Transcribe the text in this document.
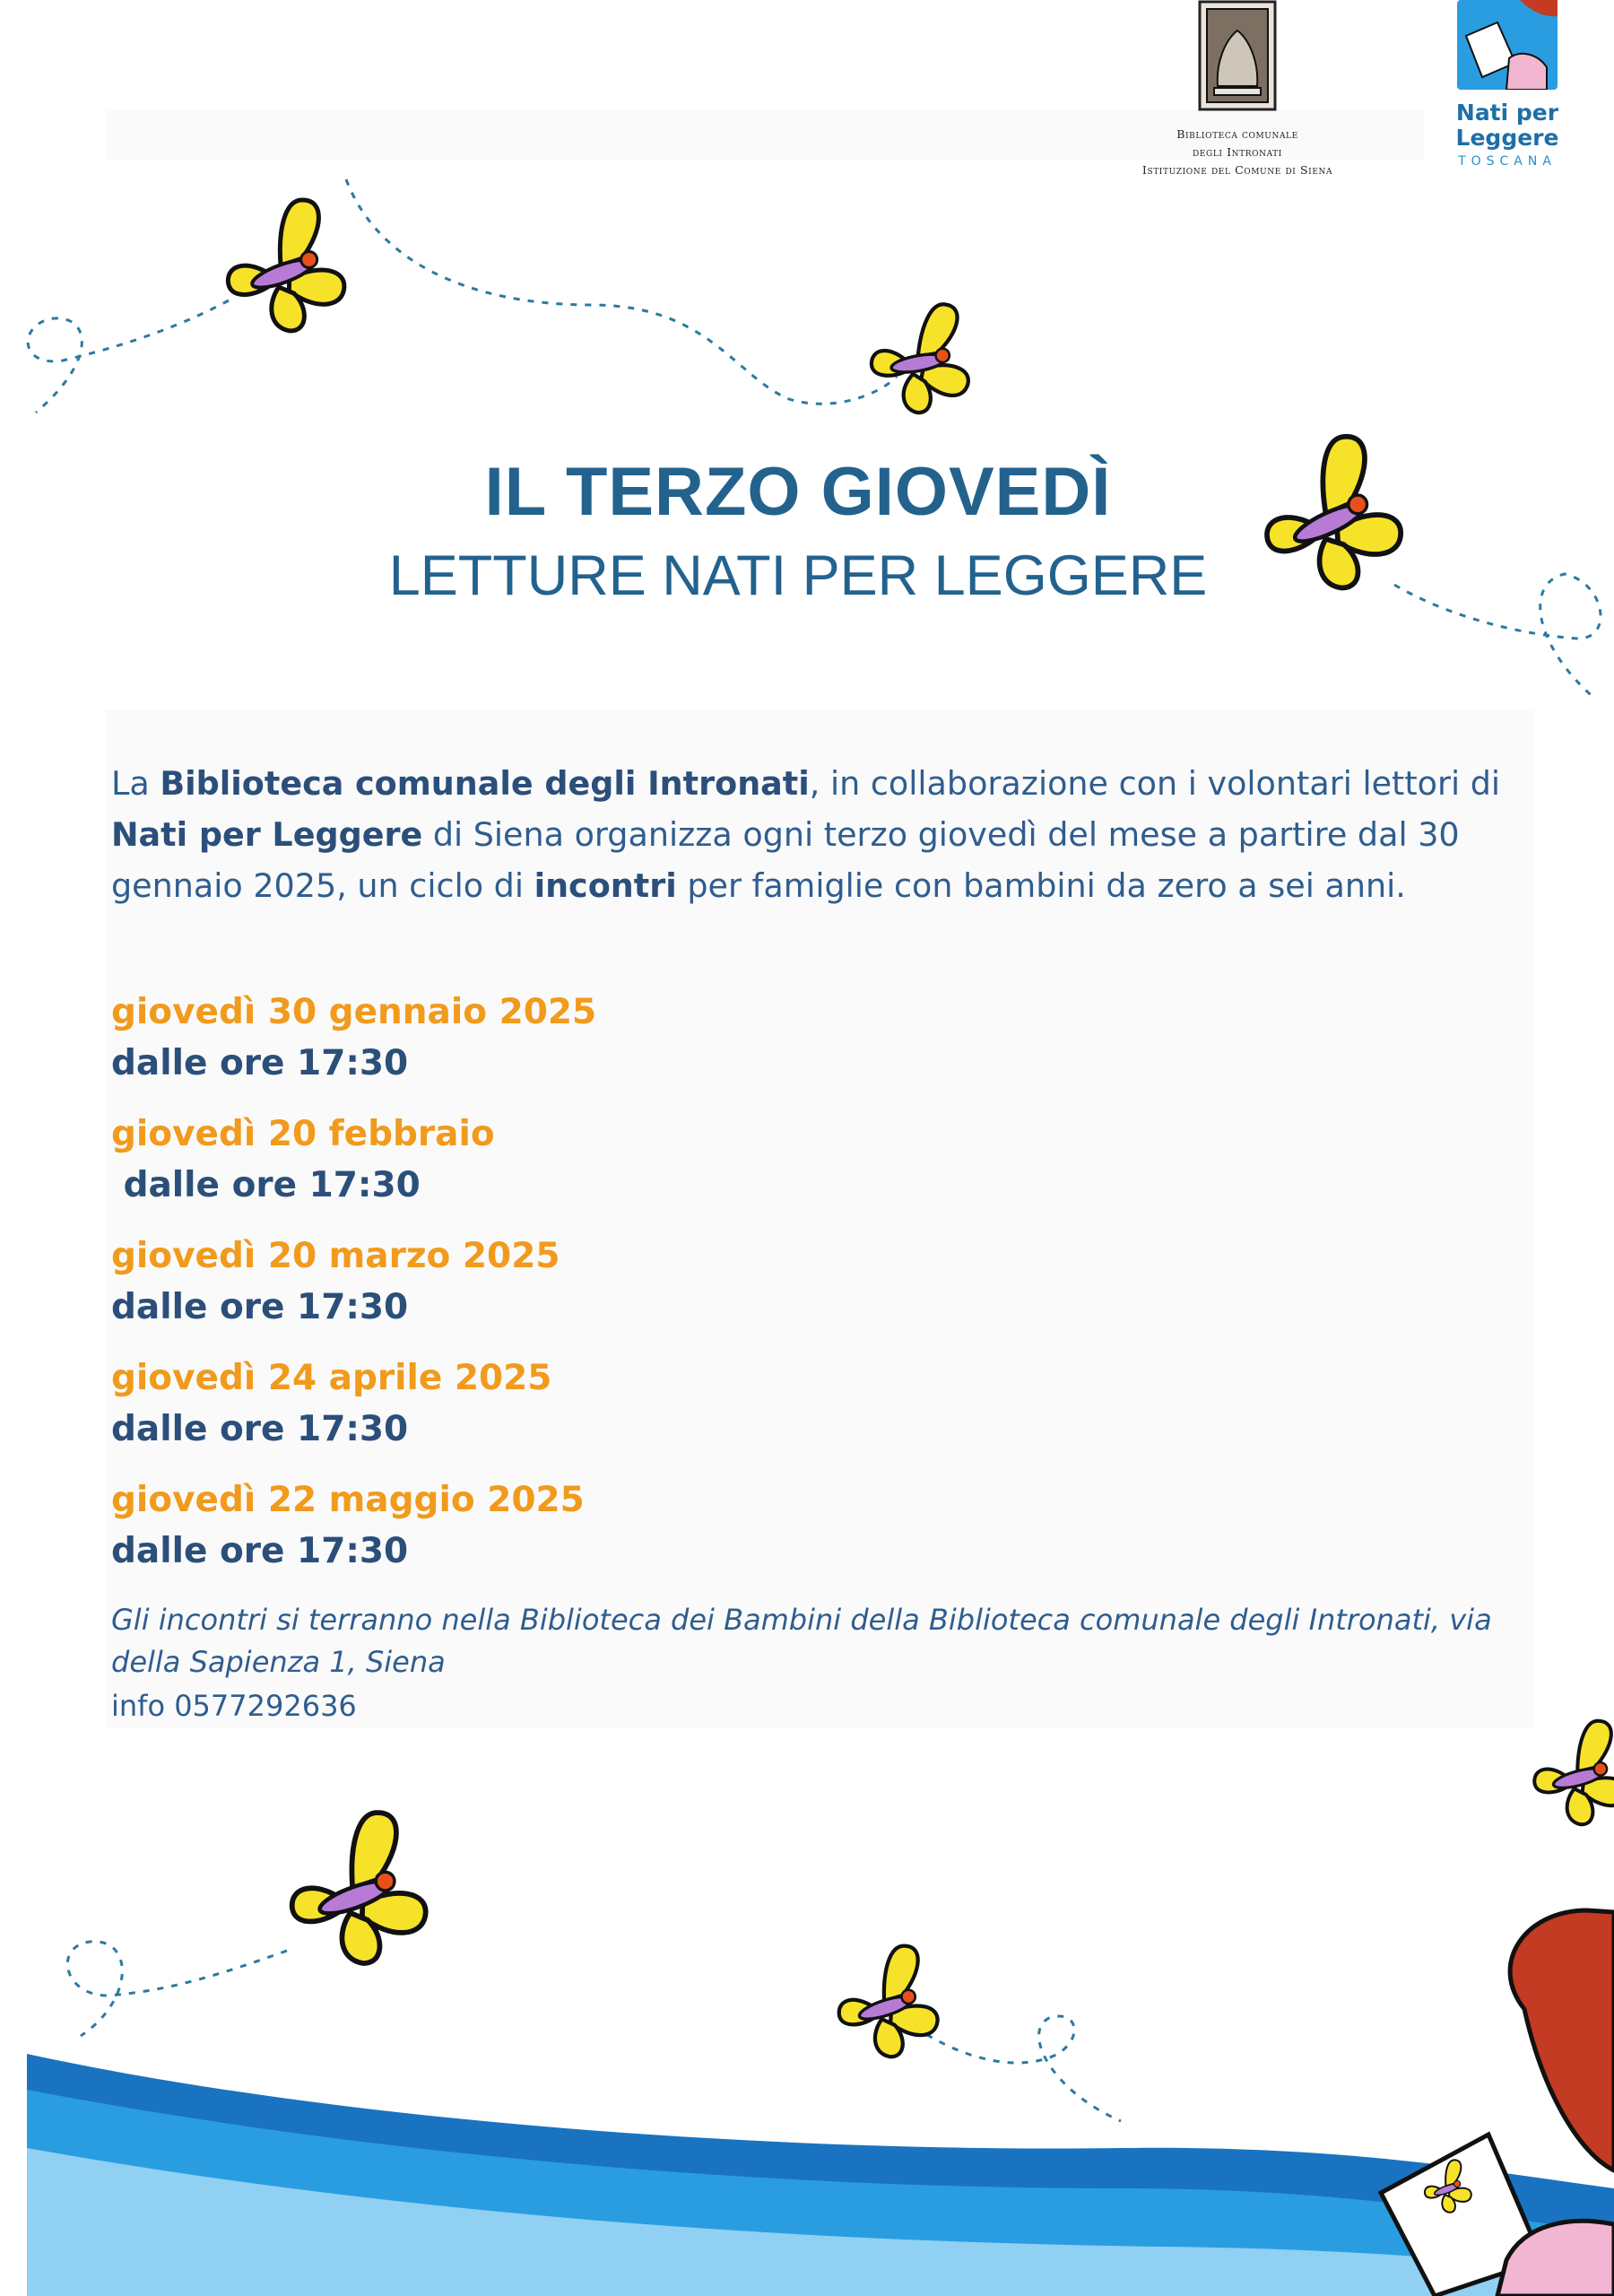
Biblioteca comunale
degli Intronati
Istituzione del Comune di Siena
Nati per
Leggere
TOSCANA
IL TERZO GIOVEDÌ
LETTURE NATI PER LEGGERE
La Biblioteca comunale degli Intronati, in collaborazione con i volontari lettori di Nati per Leggere di Siena organizza ogni terzo giovedì del mese a partire dal 30 gennaio 2025, un ciclo di incontri per famiglie con bambini da zero a sei anni.
giovedì 30 gennaio 2025
dalle ore 17:30
giovedì 20 febbraio
dalle ore 17:30
giovedì 20 marzo 2025
dalle ore 17:30
giovedì 24 aprile 2025
dalle ore 17:30
giovedì 22 maggio 2025
dalle ore 17:30
Gli incontri si terranno nella Biblioteca dei Bambini della Biblioteca comunale degli Intronati, via della Sapienza 1, Siena
info 0577292636
